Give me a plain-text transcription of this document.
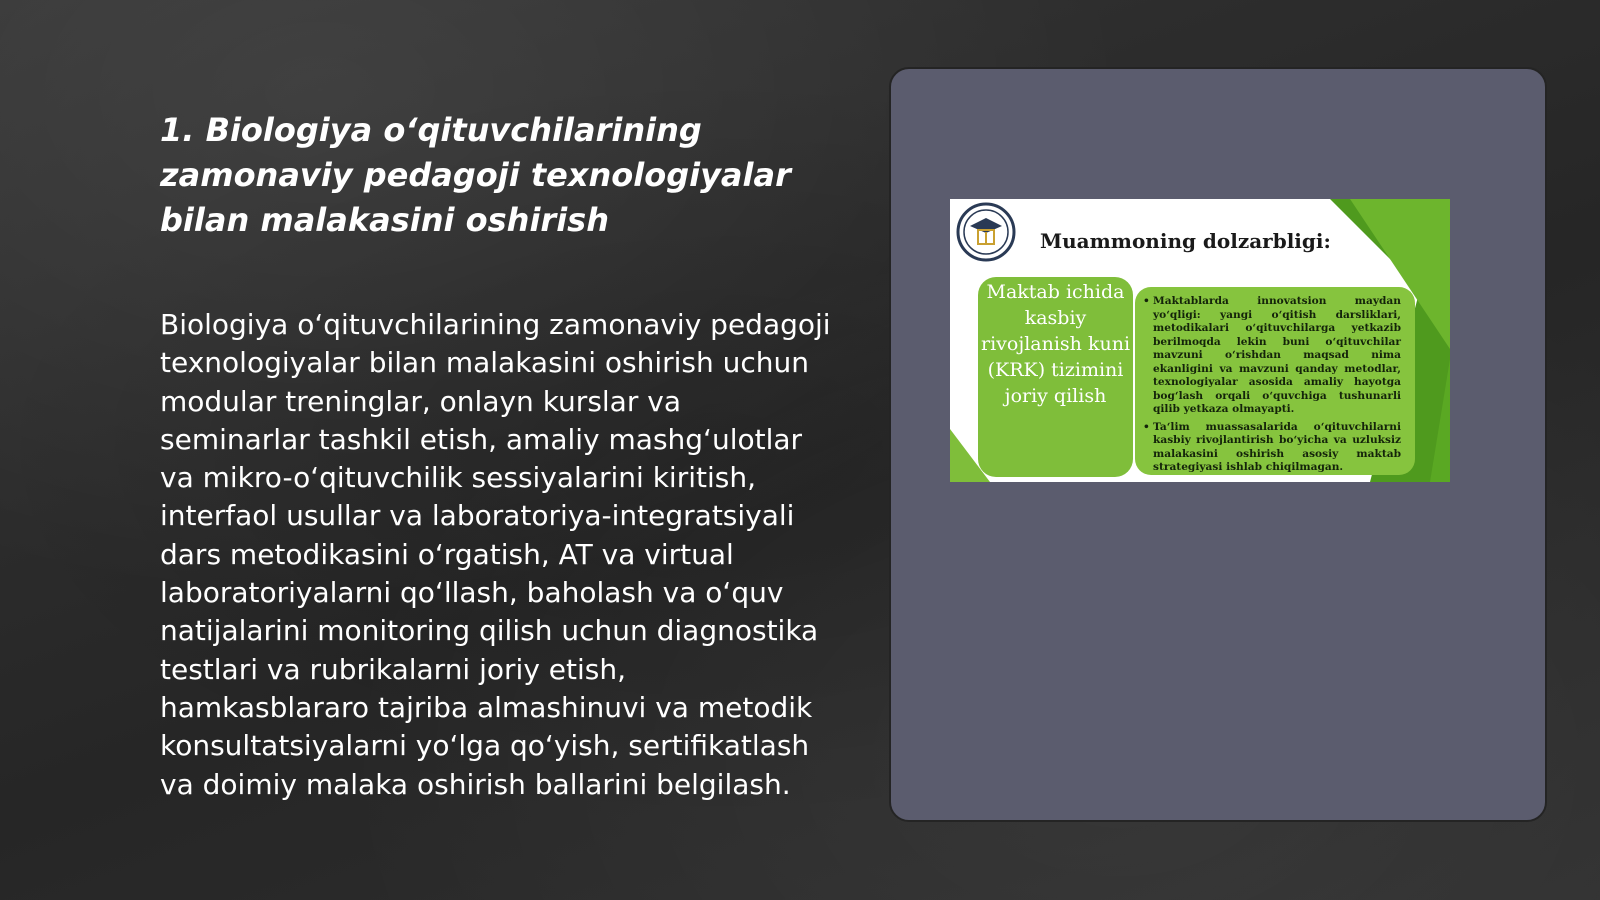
1. Biologiya o‘qituvchilarining zamonaviy pedagoji texnologiyalar bilan malakasini oshirish

Biologiya o‘qituvchilarining zamonaviy pedagoji texnologiyalar bilan malakasini oshirish uchun modular treninglar, onlayn kurslar va seminarlar tashkil etish, amaliy mashg‘ulotlar va mikro-o‘qituvchilik sessiyalarini kiritish, interfaol usullar va laboratoriya-integratsiyali dars metodikasini o‘rgatish, AT va virtual laboratoriyalarni qo‘llash, baholash va o‘quv natijalarini monitoring qilish uchun diagnostika testlari va rubrikalarni joriy etish, hamkasblararo tajriba almashinuvi va metodik konsultatsiyalarni yo‘lga qo‘yish, sertifikatlash va doimiy malaka oshirish ballarini belgilash.

Muammoning dolzarbligi:

Maktab ichida kasbiy rivojlanish kuni (KRK) tizimini joriy qilish

• Maktablarda innovatsion maydan yo‘qligi: yangi o‘qitish darsliklari, metodikalari o‘qituvchilarga yetkazib berilmoqda lekin buni o‘qituvchilar mavzuni o‘rishdan maqsad nima ekanligini va mavzuni qanday metodlar, texnologiyalar asosida amaliy hayotga bog‘lash orqali o‘quvchiga tushunarli qilib yetkaza olmayapti.
• Ta‘lim muassasalarida o‘qituvchilarni kasbiy rivojlantirish bo‘yicha va uzluksiz malakasini oshirish asosiy maktab strategiyasi ishlab chiqilmagan.
